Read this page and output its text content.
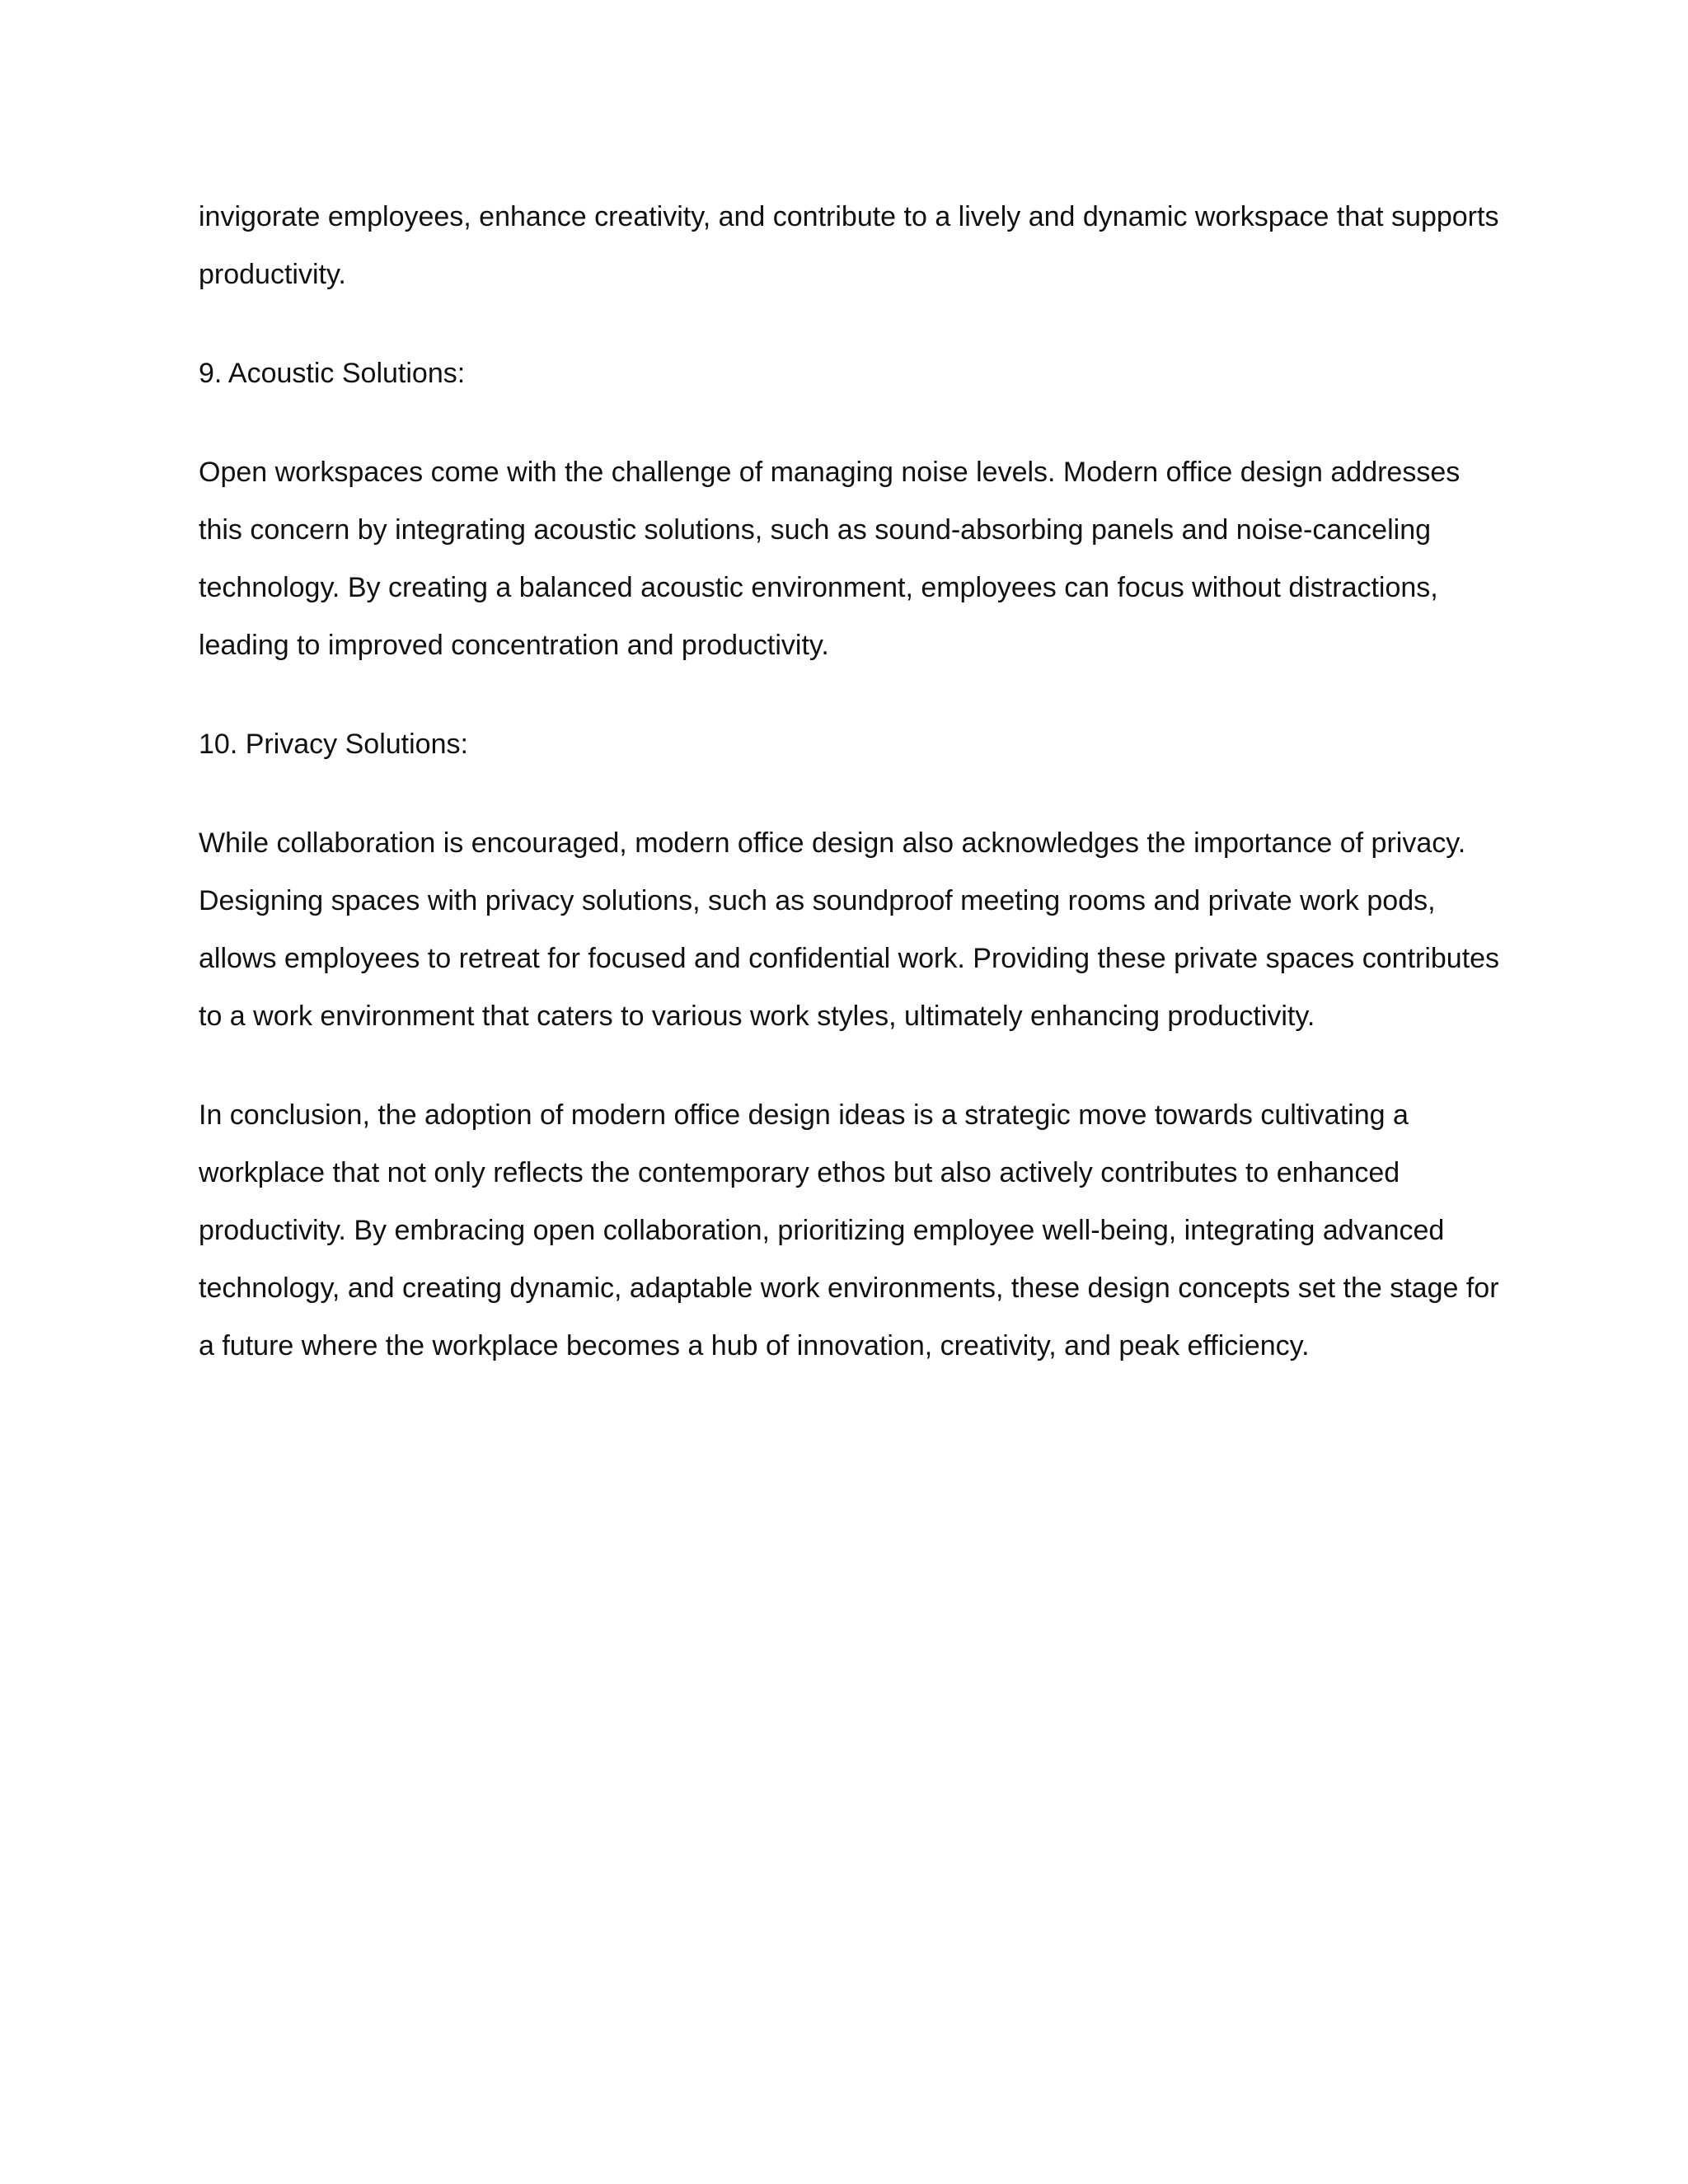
invigorate employees, enhance creativity, and contribute to a lively and dynamic workspace that supports productivity.

9. Acoustic Solutions:

Open workspaces come with the challenge of managing noise levels. Modern office design addresses this concern by integrating acoustic solutions, such as sound-absorbing panels and noise-canceling technology. By creating a balanced acoustic environment, employees can focus without distractions, leading to improved concentration and productivity.

10. Privacy Solutions:

While collaboration is encouraged, modern office design also acknowledges the importance of privacy. Designing spaces with privacy solutions, such as soundproof meeting rooms and private work pods, allows employees to retreat for focused and confidential work. Providing these private spaces contributes to a work environment that caters to various work styles, ultimately enhancing productivity.

In conclusion, the adoption of modern office design ideas is a strategic move towards cultivating a workplace that not only reflects the contemporary ethos but also actively contributes to enhanced productivity. By embracing open collaboration, prioritizing employee well-being, integrating advanced technology, and creating dynamic, adaptable work environments, these design concepts set the stage for a future where the workplace becomes a hub of innovation, creativity, and peak efficiency.
